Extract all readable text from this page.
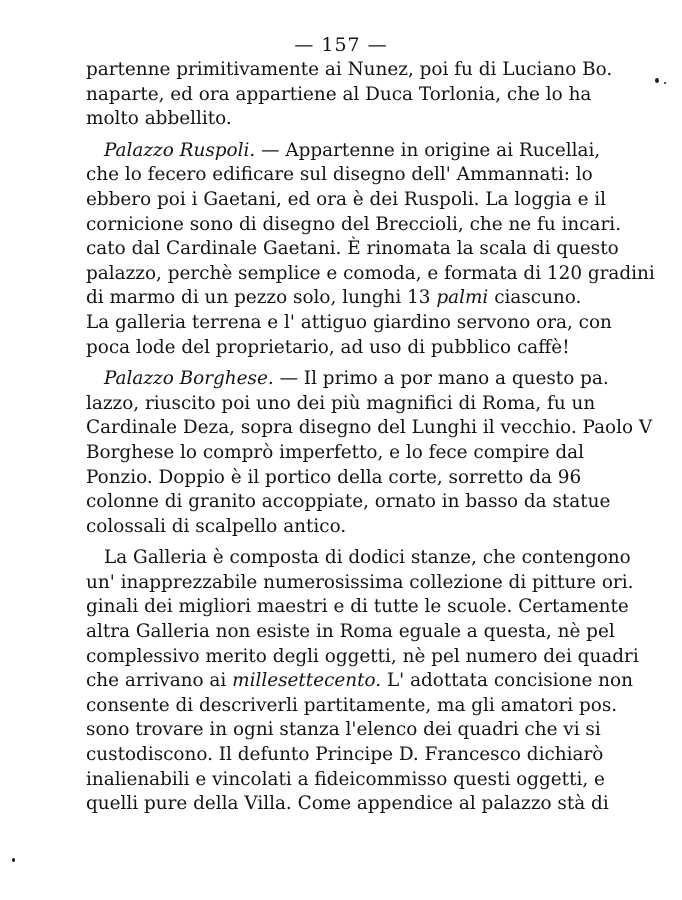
— 157 —
partenne primitivamente ai Nunez, poi fu di Luciano Bo.
naparte, ed ora appartiene al Duca Torlonia, che lo ha
molto abbellito.
Palazzo Ruspoli. — Appartenne in origine ai Rucellai,
che lo fecero edificare sul disegno dell' Ammannati: lo
ebbero poi i Gaetani, ed ora è dei Ruspoli. La loggia e il
cornicione sono di disegno del Breccioli, che ne fu incari.
cato dal Cardinale Gaetani. È rinomata la scala di questo
palazzo, perchè semplice e comoda, e formata di 120 gradini
di marmo di un pezzo solo, lunghi 13 palmi ciascuno.
La galleria terrena e l' attiguo giardino servono ora, con
poca lode del proprietario, ad uso di pubblico caffè!
Palazzo Borghese. — Il primo a por mano a questo pa.
lazzo, riuscito poi uno dei più magnifici di Roma, fu un
Cardinale Deza, sopra disegno del Lunghi il vecchio. Paolo V
Borghese lo comprò imperfetto, e lo fece compire dal
Ponzio. Doppio è il portico della corte, sorretto da 96
colonne di granito accoppiate, ornato in basso da statue
colossali di scalpello antico.
La Galleria è composta di dodici stanze, che contengono
un' inapprezzabile numerosissima collezione di pitture ori.
ginali dei migliori maestri e di tutte le scuole. Certamente
altra Galleria non esiste in Roma eguale a questa, nè pel
complessivo merito degli oggetti, nè pel numero dei quadri
che arrivano ai millesettecento. L' adottata concisione non
consente di descriverli partitamente, ma gli amatori pos.
sono trovare in ogni stanza l'elenco dei quadri che vi si
custodiscono. Il defunto Principe D. Francesco dichiarò
inalienabili e vincolati a fideicommisso questi oggetti, e
quelli pure della Villa. Come appendice al palazzo stà di
